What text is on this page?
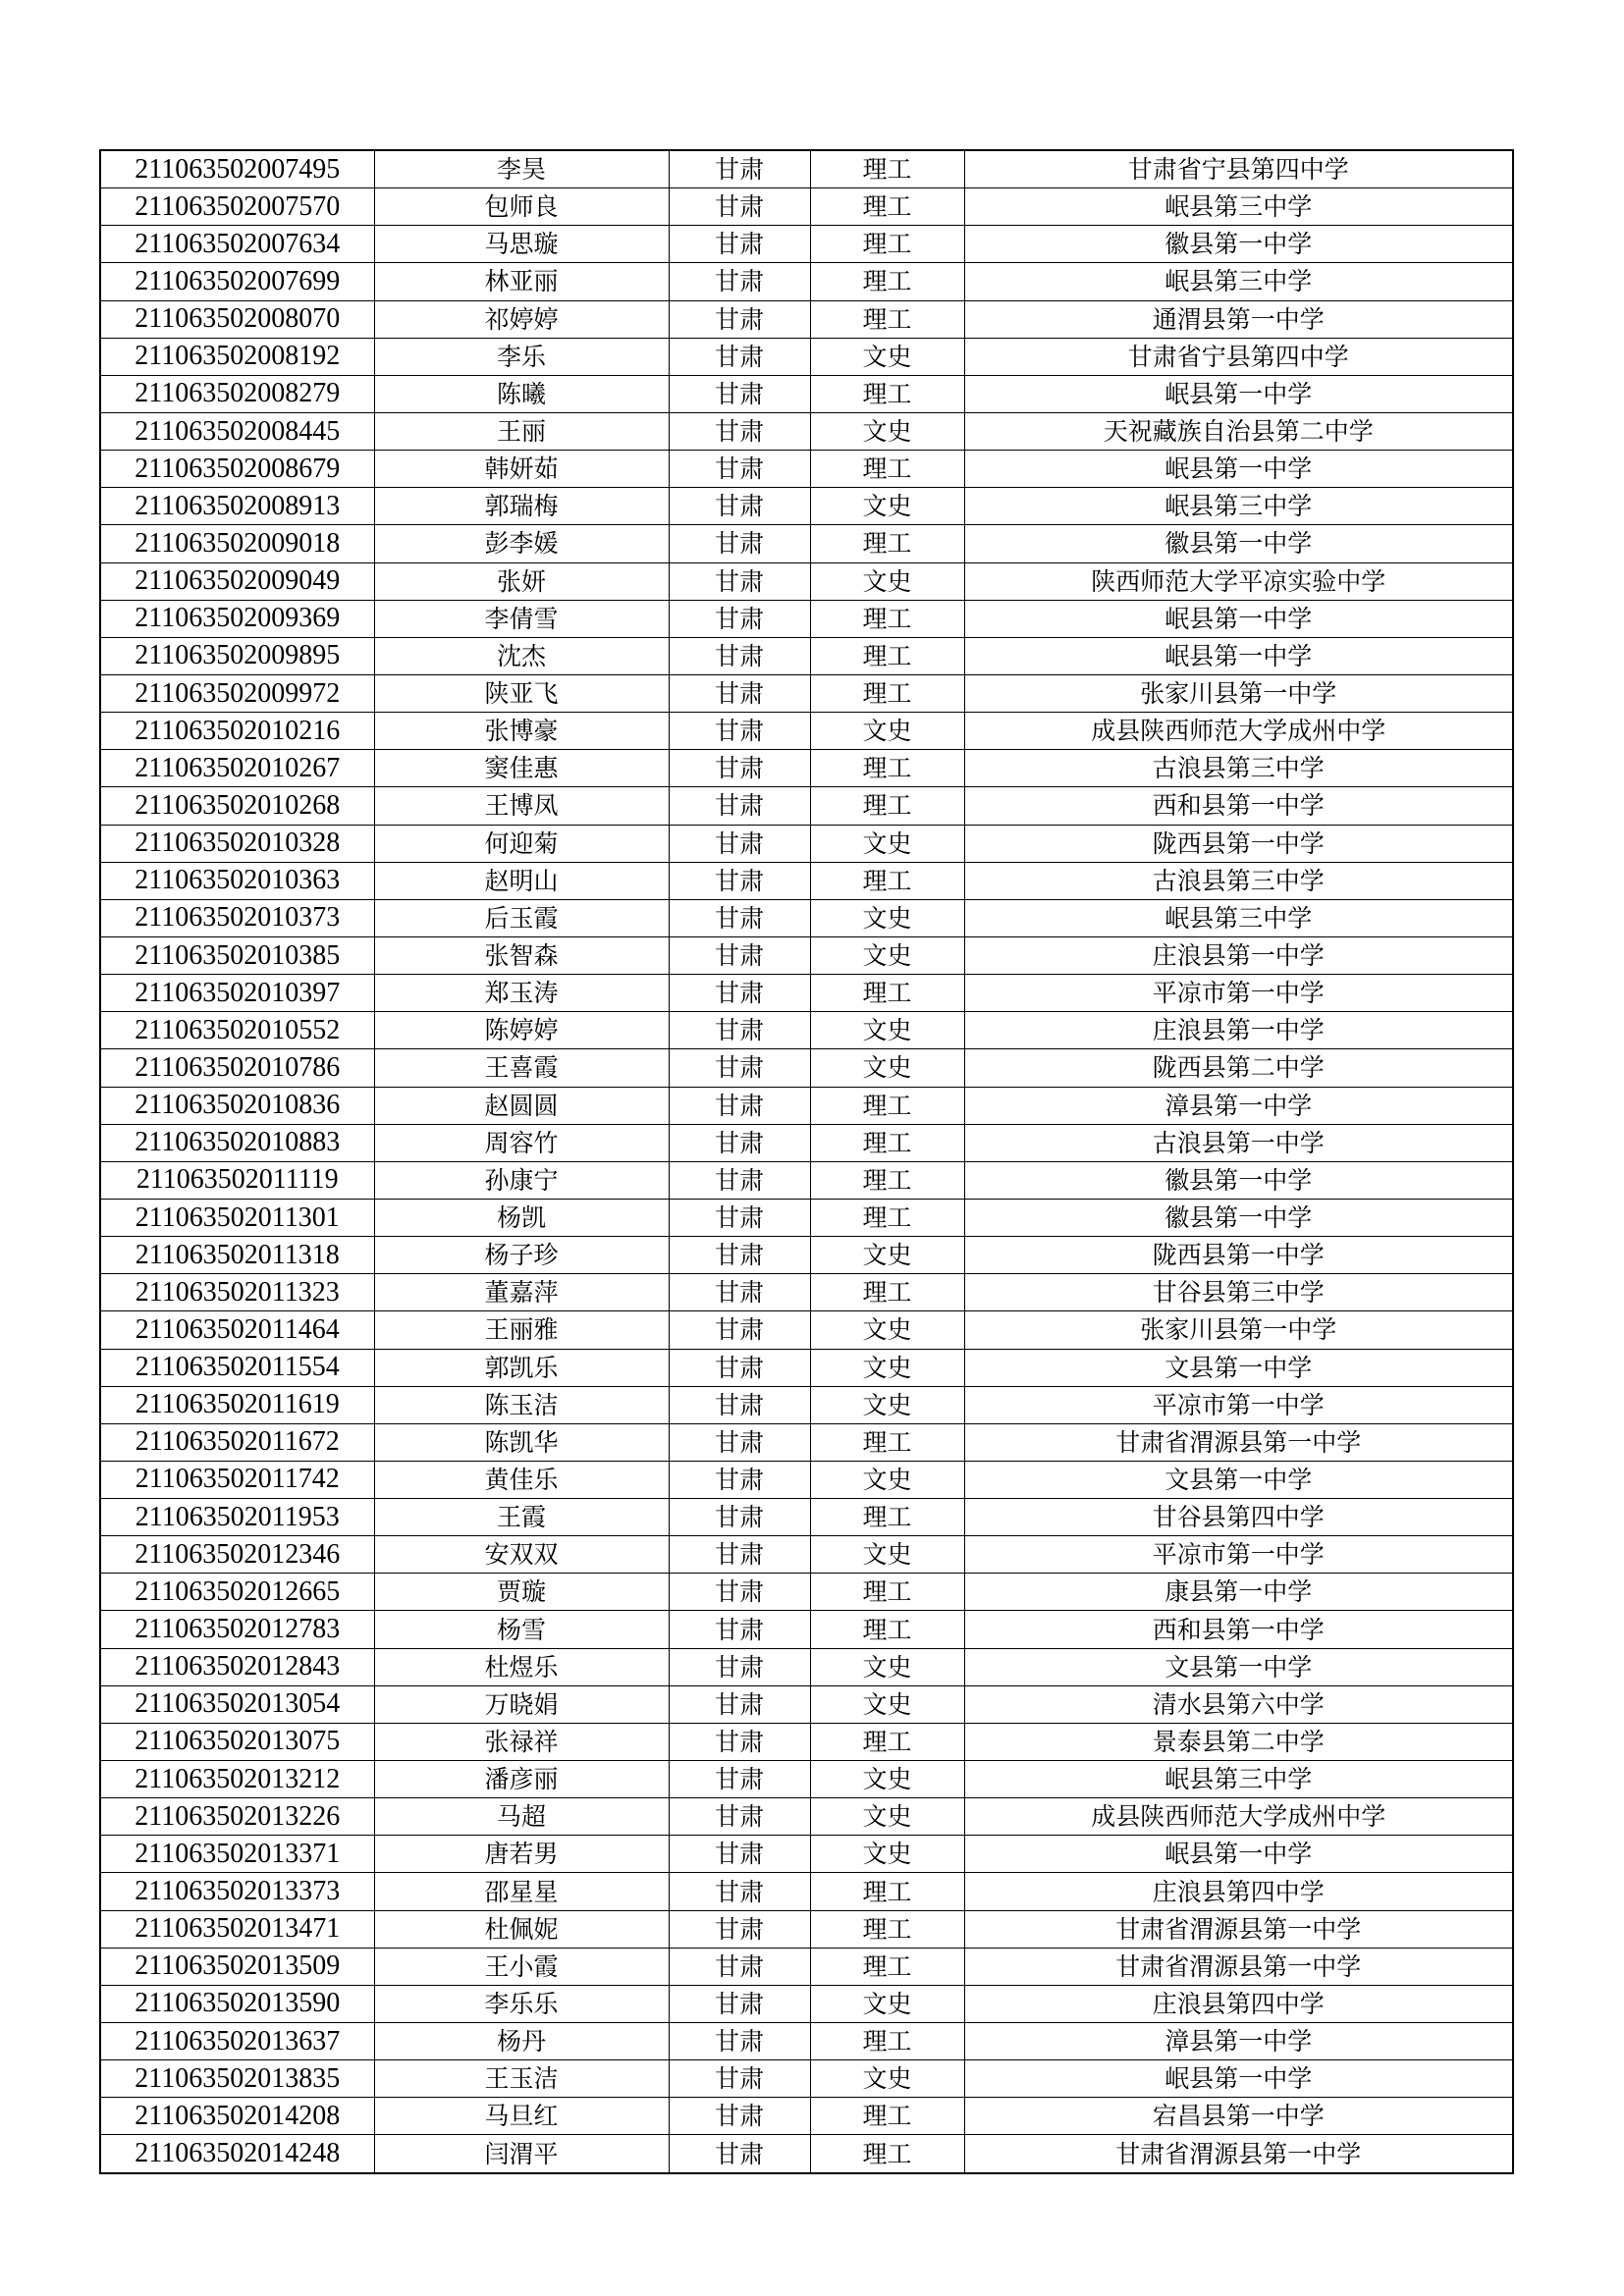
211063502007495	李昊	甘肃	理工	甘肃省宁县第四中学
211063502007570	包师良	甘肃	理工	岷县第三中学
211063502007634	马思璇	甘肃	理工	徽县第一中学
211063502007699	林亚丽	甘肃	理工	岷县第三中学
211063502008070	祁婷婷	甘肃	理工	通渭县第一中学
211063502008192	李乐	甘肃	文史	甘肃省宁县第四中学
211063502008279	陈曦	甘肃	理工	岷县第一中学
211063502008445	王丽	甘肃	文史	天祝藏族自治县第二中学
211063502008679	韩妍茹	甘肃	理工	岷县第一中学
211063502008913	郭瑞梅	甘肃	文史	岷县第三中学
211063502009018	彭李媛	甘肃	理工	徽县第一中学
211063502009049	张妍	甘肃	文史	陕西师范大学平凉实验中学
211063502009369	李倩雪	甘肃	理工	岷县第一中学
211063502009895	沈杰	甘肃	理工	岷县第一中学
211063502009972	陕亚飞	甘肃	理工	张家川县第一中学
211063502010216	张博豪	甘肃	文史	成县陕西师范大学成州中学
211063502010267	窦佳惠	甘肃	理工	古浪县第三中学
211063502010268	王博凤	甘肃	理工	西和县第一中学
211063502010328	何迎菊	甘肃	文史	陇西县第一中学
211063502010363	赵明山	甘肃	理工	古浪县第三中学
211063502010373	后玉霞	甘肃	文史	岷县第三中学
211063502010385	张智森	甘肃	文史	庄浪县第一中学
211063502010397	郑玉涛	甘肃	理工	平凉市第一中学
211063502010552	陈婷婷	甘肃	文史	庄浪县第一中学
211063502010786	王喜霞	甘肃	文史	陇西县第二中学
211063502010836	赵圆圆	甘肃	理工	漳县第一中学
211063502010883	周容竹	甘肃	理工	古浪县第一中学
211063502011119	孙康宁	甘肃	理工	徽县第一中学
211063502011301	杨凯	甘肃	理工	徽县第一中学
211063502011318	杨子珍	甘肃	文史	陇西县第一中学
211063502011323	董嘉萍	甘肃	理工	甘谷县第三中学
211063502011464	王丽雅	甘肃	文史	张家川县第一中学
211063502011554	郭凯乐	甘肃	文史	文县第一中学
211063502011619	陈玉洁	甘肃	文史	平凉市第一中学
211063502011672	陈凯华	甘肃	理工	甘肃省渭源县第一中学
211063502011742	黄佳乐	甘肃	文史	文县第一中学
211063502011953	王霞	甘肃	理工	甘谷县第四中学
211063502012346	安双双	甘肃	文史	平凉市第一中学
211063502012665	贾璇	甘肃	理工	康县第一中学
211063502012783	杨雪	甘肃	理工	西和县第一中学
211063502012843	杜煜乐	甘肃	文史	文县第一中学
211063502013054	万晓娟	甘肃	文史	清水县第六中学
211063502013075	张禄祥	甘肃	理工	景泰县第二中学
211063502013212	潘彦丽	甘肃	文史	岷县第三中学
211063502013226	马超	甘肃	文史	成县陕西师范大学成州中学
211063502013371	唐若男	甘肃	文史	岷县第一中学
211063502013373	邵星星	甘肃	理工	庄浪县第四中学
211063502013471	杜佩妮	甘肃	理工	甘肃省渭源县第一中学
211063502013509	王小霞	甘肃	理工	甘肃省渭源县第一中学
211063502013590	李乐乐	甘肃	文史	庄浪县第四中学
211063502013637	杨丹	甘肃	理工	漳县第一中学
211063502013835	王玉洁	甘肃	文史	岷县第一中学
211063502014208	马旦红	甘肃	理工	宕昌县第一中学
211063502014248	闫渭平	甘肃	理工	甘肃省渭源县第一中学
